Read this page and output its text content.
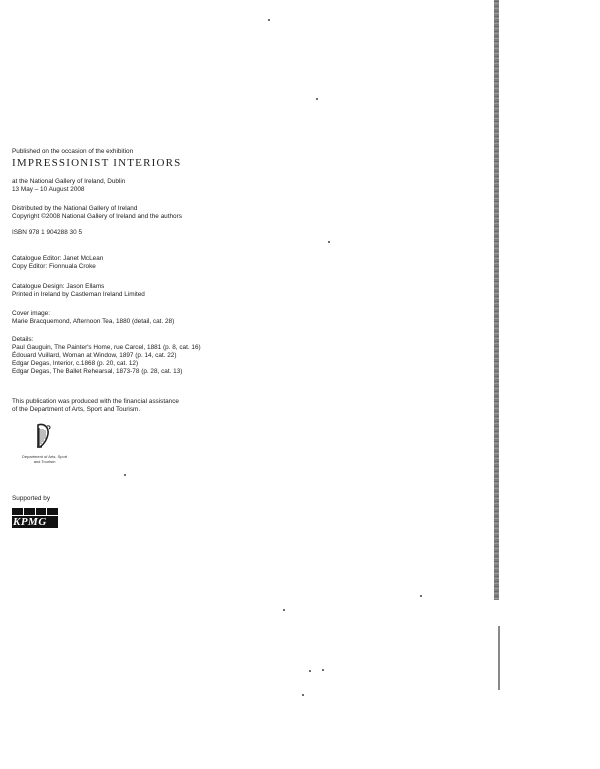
Published on the occasion of the exhibition
IMPRESSIONIST INTERIORS
at the National Gallery of Ireland, Dublin
13 May – 10 August 2008
Distributed by the National Gallery of Ireland
Copyright ©2008 National Gallery of Ireland and the authors
ISBN 978 1 904288 30 5
Catalogue Editor: Janet McLean
Copy Editor: Fionnuala Croke
Catalogue Design: Jason Ellams
Printed in Ireland by Castleman Ireland Limited
Cover image:
Marie Bracquemond, Afternoon Tea, 1880 (detail, cat. 28)
Details:
Paul Gauguin, The Painter's Home, rue Carcel, 1881 (p. 8, cat. 16)
Édouard Vuillard, Woman at Window, 1897 (p. 14, cat. 22)
Edgar Degas, Interior, c.1868 (p. 20, cat. 12)
Edgar Degas, The Ballet Rehearsal, 1873-78 (p. 28, cat. 13)
This publication was produced with the financial assistance
of the Department of Arts, Sport and Tourism.
Department of Arts, Sport
and Tourism
Supported by
KPMG
